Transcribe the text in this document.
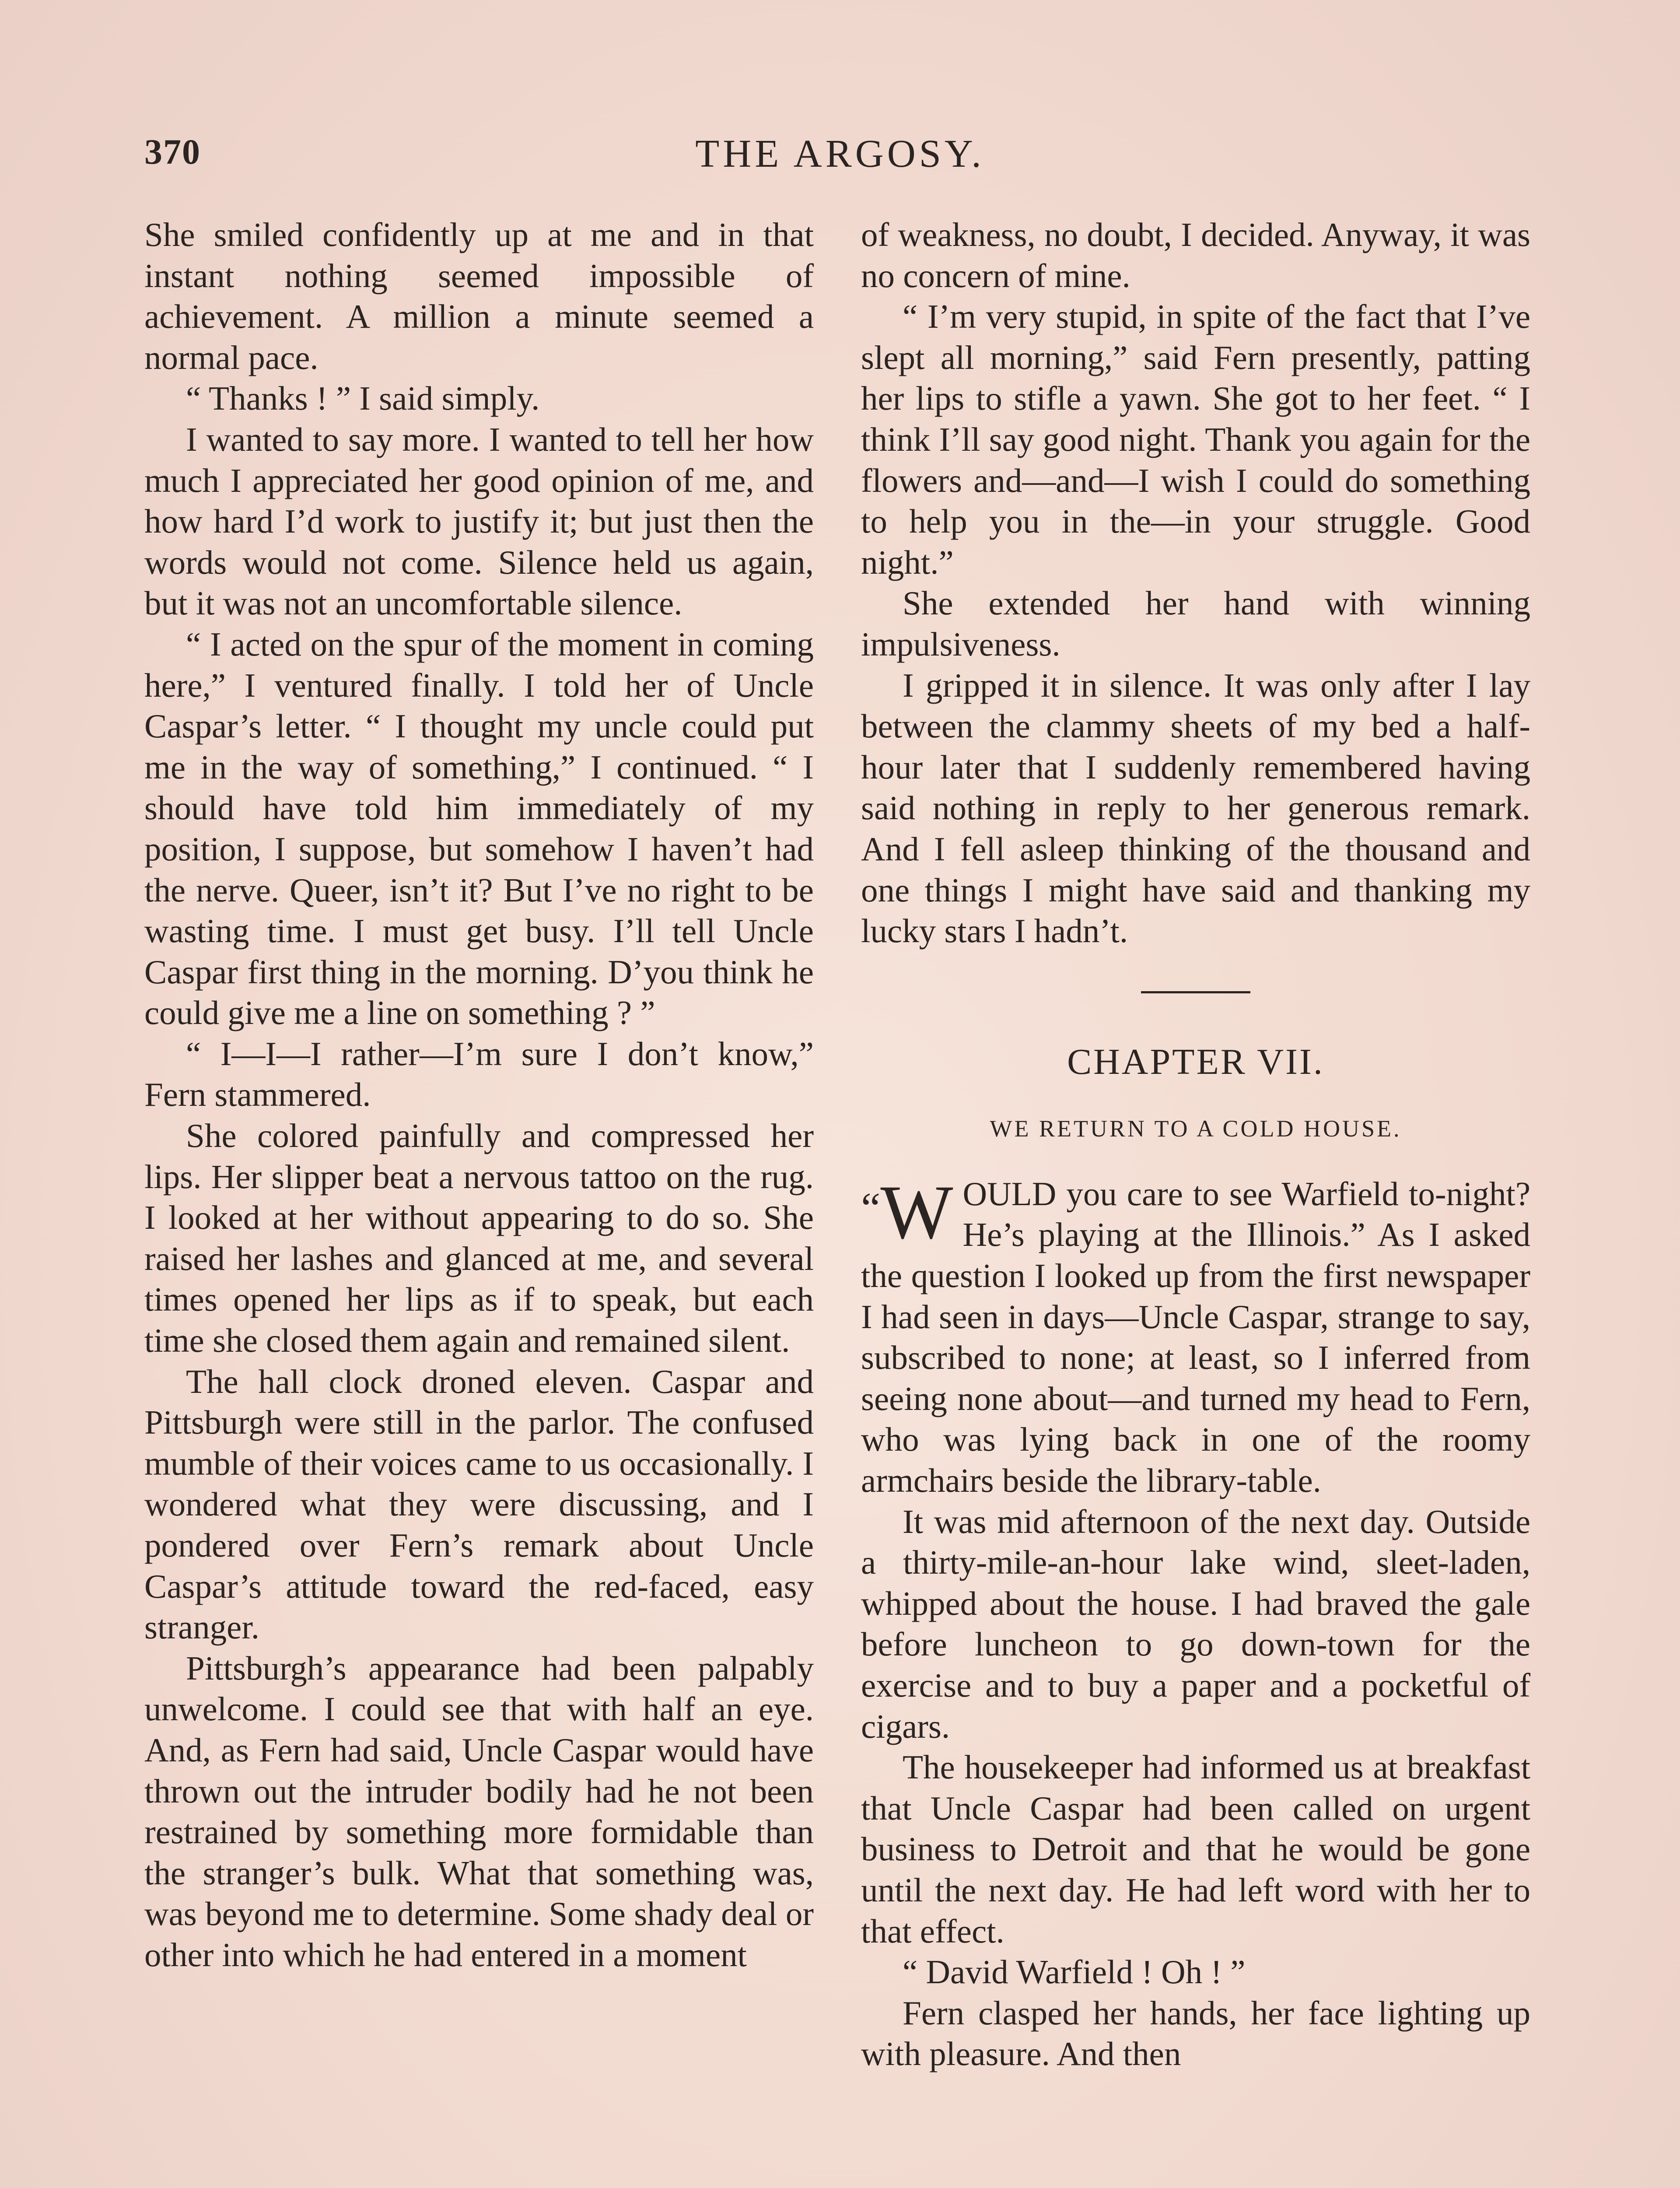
370	THE ARGOSY.

She smiled confidently up at me and in that instant nothing seemed impossible of achievement. A million a minute seemed a normal pace.

“ Thanks ! ” I said simply.

I wanted to say more. I wanted to tell her how much I appreciated her good opinion of me, and how hard I’d work to justify it; but just then the words would not come. Silence held us again, but it was not an uncomfortable silence.

“ I acted on the spur of the moment in coming here,” I ventured finally. I told her of Uncle Caspar’s letter. “ I thought my uncle could put me in the way of something,” I continued. “ I should have told him immediately of my position, I suppose, but somehow I haven’t had the nerve. Queer, isn’t it? But I’ve no right to be wasting time. I must get busy. I’ll tell Uncle Caspar first thing in the morning. D’you think he could give me a line on something ? ”

“ I—I—I rather—I’m sure I don’t know,” Fern stammered.

She colored painfully and compressed her lips. Her slipper beat a nervous tattoo on the rug. I looked at her without appearing to do so. She raised her lashes and glanced at me, and several times opened her lips as if to speak, but each time she closed them again and remained silent.

The hall clock droned eleven. Caspar and Pittsburgh were still in the parlor. The confused mumble of their voices came to us occasionally. I wondered what they were discussing, and I pondered over Fern’s remark about Uncle Caspar’s attitude toward the red-faced, easy stranger.

Pittsburgh’s appearance had been palpably unwelcome. I could see that with half an eye. And, as Fern had said, Uncle Caspar would have thrown out the intruder bodily had he not been restrained by something more formidable than the stranger’s bulk. What that something was, was beyond me to determine. Some shady deal or other into which he had entered in a moment

of weakness, no doubt, I decided. Anyway, it was no concern of mine.

“ I’m very stupid, in spite of the fact that I’ve slept all morning,” said Fern presently, patting her lips to stifle a yawn. She got to her feet. “ I think I’ll say good night. Thank you again for the flowers and—and—I wish I could do something to help you in the—in your struggle. Good night.”

She extended her hand with winning impulsiveness.

I gripped it in silence. It was only after I lay between the clammy sheets of my bed a half-hour later that I suddenly remembered having said nothing in reply to her generous remark. And I fell asleep thinking of the thousand and one things I might have said and thanking my lucky stars I hadn’t.

CHAPTER VII.
WE RETURN TO A COLD HOUSE.

“W OULD you care to see Warfield to-night? He’s playing at the Illinois.” As I asked the question I looked up from the first newspaper I had seen in days—Uncle Caspar, strange to say, subscribed to none; at least, so I inferred from seeing none about—and turned my head to Fern, who was lying back in one of the roomy armchairs beside the library-table.

It was mid afternoon of the next day. Outside a thirty-mile-an-hour lake wind, sleet-laden, whipped about the house. I had braved the gale before luncheon to go down-town for the exercise and to buy a paper and a pocketful of cigars.

The housekeeper had informed us at breakfast that Uncle Caspar had been called on urgent business to Detroit and that he would be gone until the next day. He had left word with her to that effect.

“ David Warfield ! Oh ! ”

Fern clasped her hands, her face lighting up with pleasure. And then
